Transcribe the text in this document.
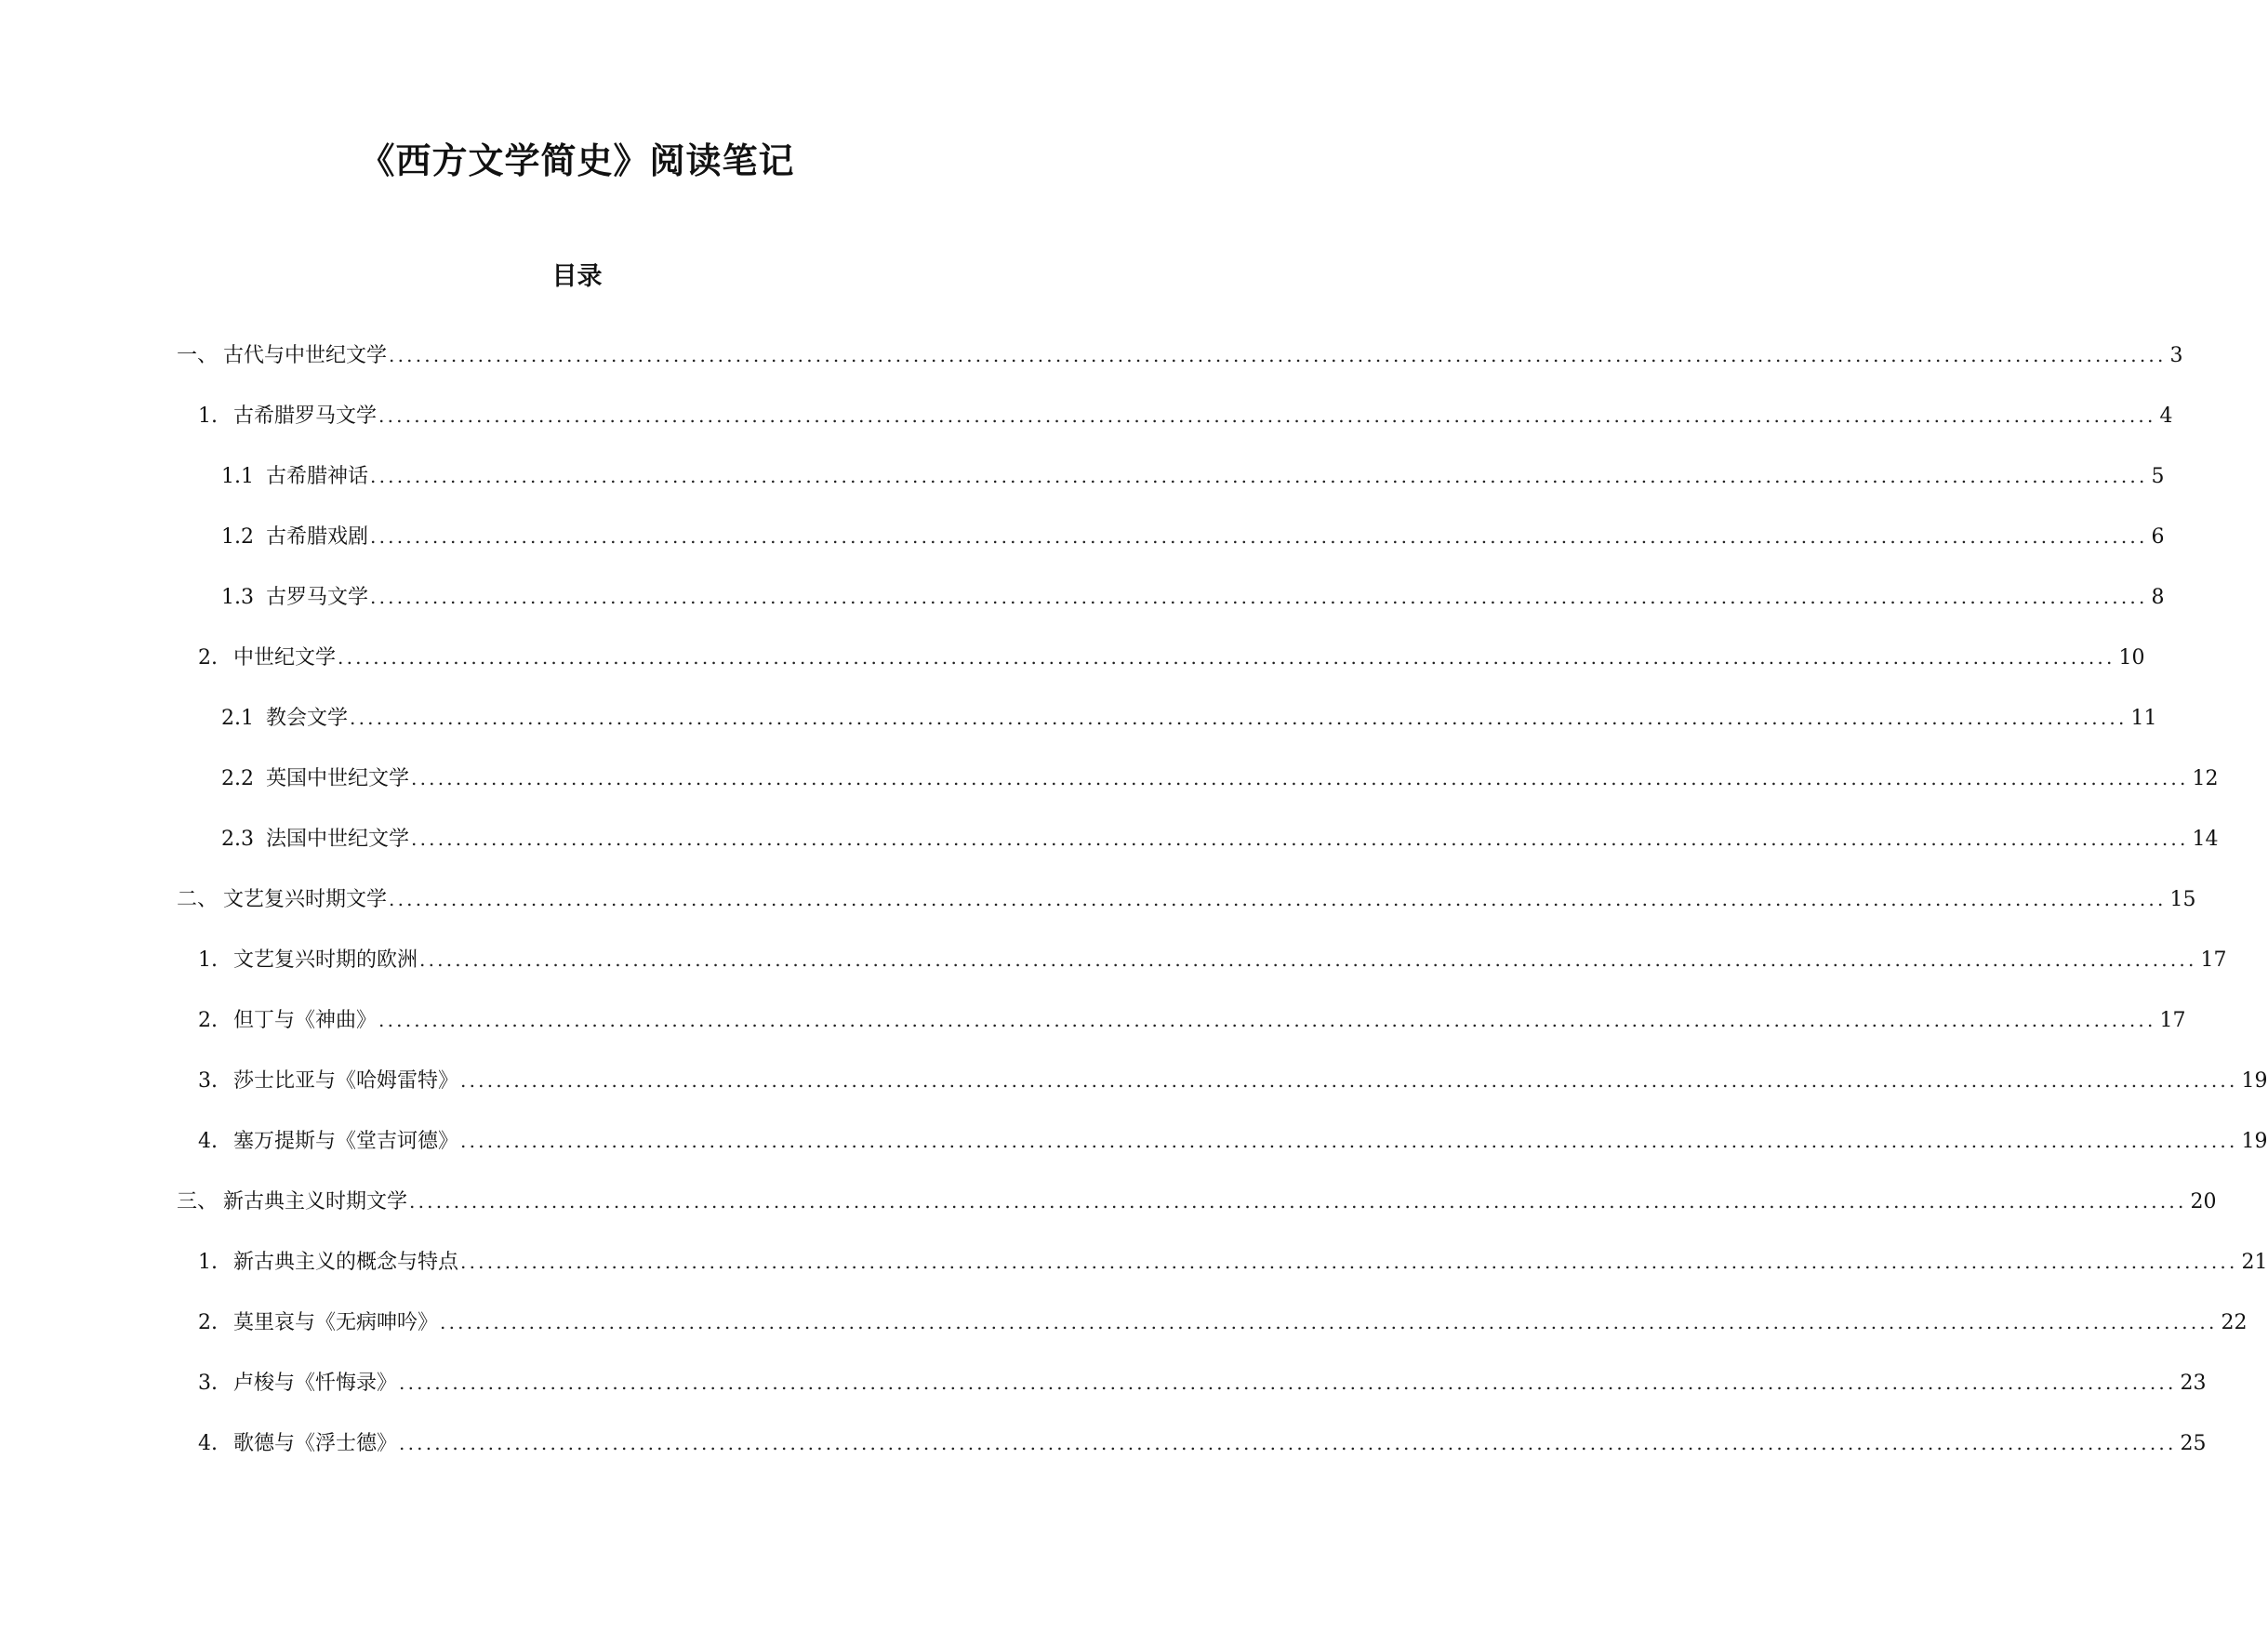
《西方文学简史》阅读笔记
目录
一、 古代与中世纪文学 ........................................................................................................................................................................................................ 3
1. 古希腊罗马文学 ........................................................................................................................................................................................................ 4
1.1 古希腊神话 ........................................................................................................................................................................................................ 5
1.2 古希腊戏剧 ........................................................................................................................................................................................................ 6
1.3 古罗马文学 ........................................................................................................................................................................................................ 8
2. 中世纪文学 ........................................................................................................................................................................................................ 10
2.1 教会文学 ........................................................................................................................................................................................................ 11
2.2 英国中世纪文学 ........................................................................................................................................................................................................ 12
2.3 法国中世纪文学 ........................................................................................................................................................................................................ 14
二、 文艺复兴时期文学 ........................................................................................................................................................................................................ 15
1. 文艺复兴时期的欧洲 ........................................................................................................................................................................................................ 17
2. 但丁与《神曲》 ........................................................................................................................................................................................................ 17
3. 莎士比亚与《哈姆雷特》 ........................................................................................................................................................................................................ 19
4. 塞万提斯与《堂吉诃德》 ........................................................................................................................................................................................................ 19
三、 新古典主义时期文学 ........................................................................................................................................................................................................ 20
1. 新古典主义的概念与特点 ........................................................................................................................................................................................................ 21
2. 莫里哀与《无病呻吟》 ........................................................................................................................................................................................................ 22
3. 卢梭与《忏悔录》 ........................................................................................................................................................................................................ 23
4. 歌德与《浮士德》 ........................................................................................................................................................................................................ 25
